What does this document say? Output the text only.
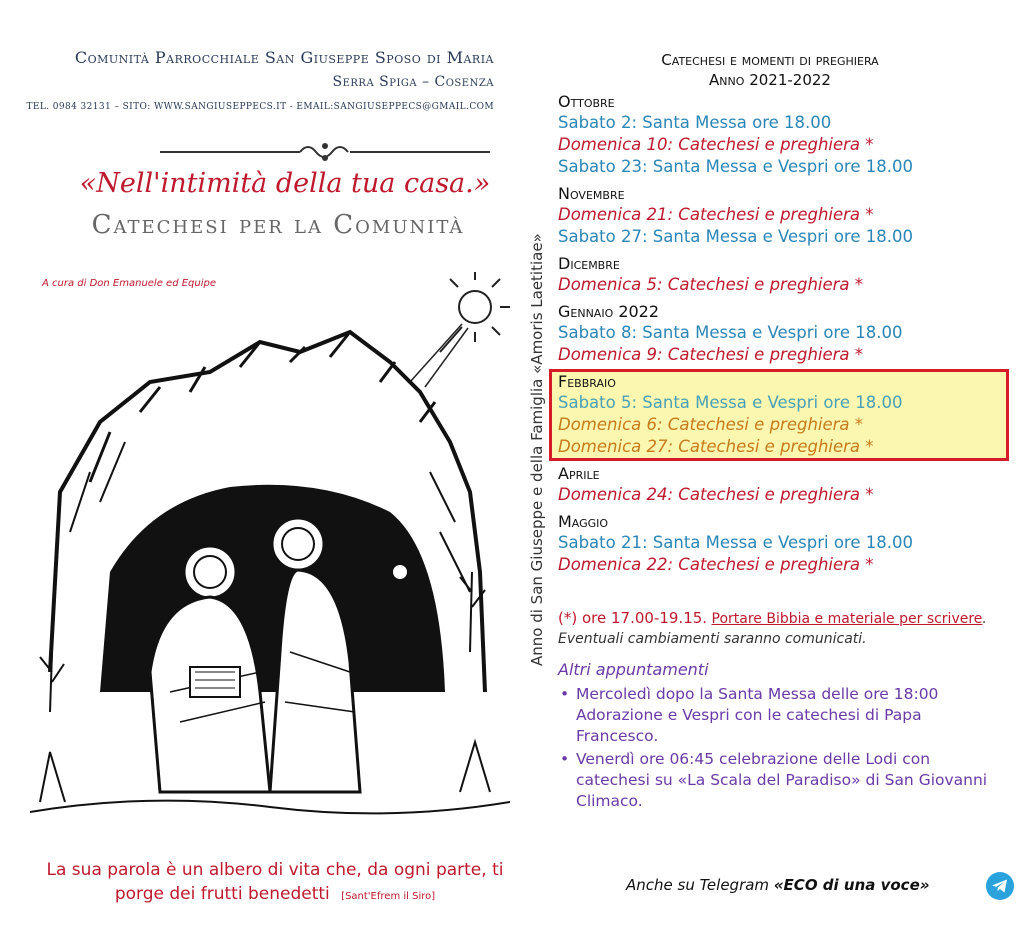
Comunità Parrocchiale San Giuseppe Sposo di Maria
Serra Spiga – Cosenza
TEL. 0984 32131 – SITO: WWW.SANGIUSEPPECS.IT - EMAIL:SANGIUSEPPECS@GMAIL.COM
«Nell'intimità della tua casa.»
Catechesi per la Comunità
A cura di Don Emanuele ed Equipe
La sua parola è un albero di vita che, da ogni parte, ti porge dei frutti benedetti [Sant'Efrem il Siro]
Anno di San Giuseppe e della Famiglia «Amoris Laetitiae»
Catechesi e momenti di preghiera
Anno 2021-2022
Ottobre
Sabato 2: Santa Messa ore 18.00
Domenica 10: Catechesi e preghiera *
Sabato 23: Santa Messa e Vespri ore 18.00
Novembre
Domenica 21: Catechesi e preghiera *
Sabato 27: Santa Messa e Vespri ore 18.00
Dicembre
Domenica 5: Catechesi e preghiera *
Gennaio 2022
Sabato 8: Santa Messa e Vespri ore 18.00
Domenica 9: Catechesi e preghiera *
Febbraio
Sabato 5: Santa Messa e Vespri ore 18.00
Domenica 6: Catechesi e preghiera *
Domenica 27: Catechesi e preghiera *
Aprile
Domenica 24: Catechesi e preghiera *
Maggio
Sabato 21: Santa Messa e Vespri ore 18.00
Domenica 22: Catechesi e preghiera *
(*) ore 17.00-19.15. Portare Bibbia e materiale per scrivere. Eventuali cambiamenti saranno comunicati.
Altri appuntamenti
• Mercoledì dopo la Santa Messa delle ore 18:00 Adorazione e Vespri con le catechesi di Papa Francesco.
• Venerdì ore 06:45 celebrazione delle Lodi con catechesi su «La Scala del Paradiso» di San Giovanni Climaco.
Anche su Telegram «ECO di una voce»
